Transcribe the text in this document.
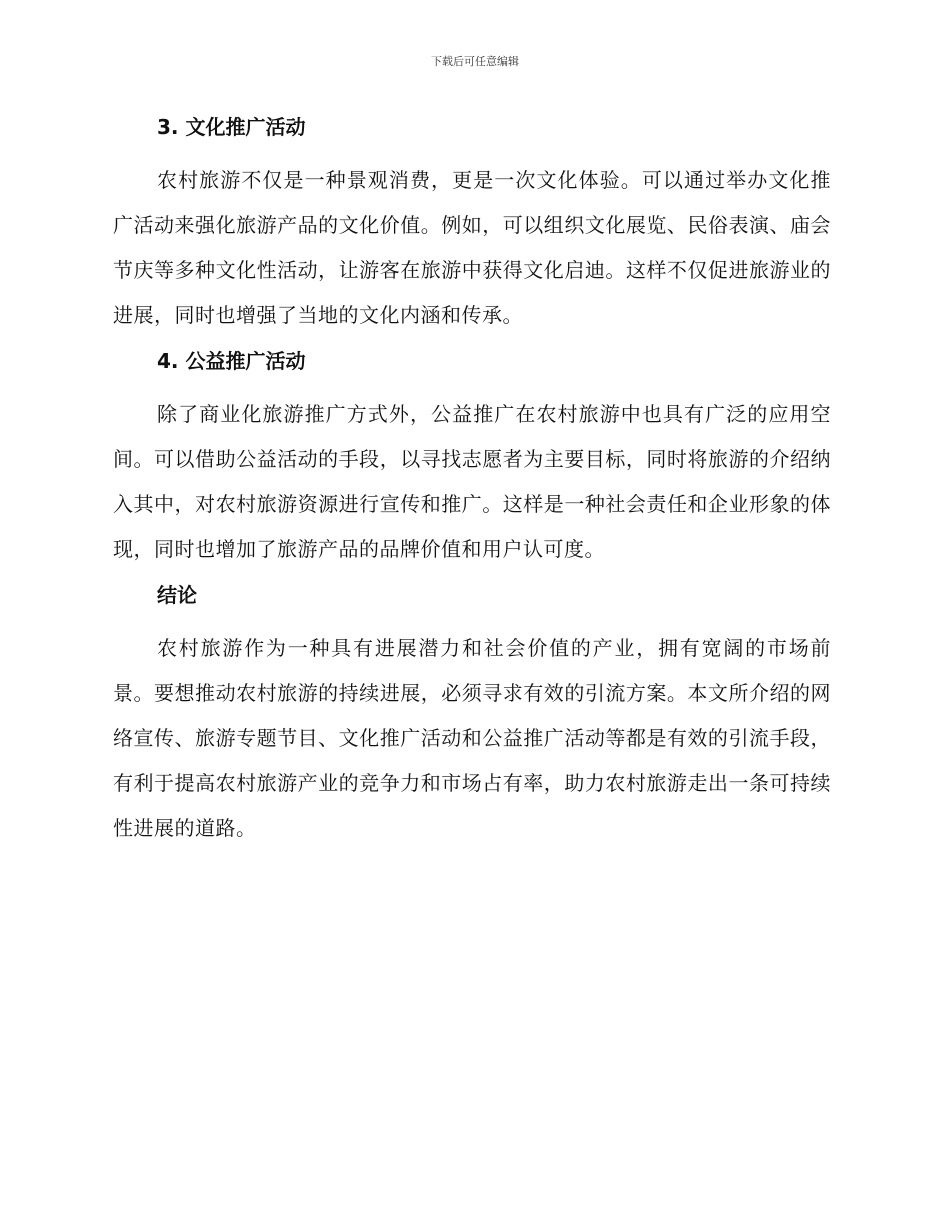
下载后可任意编辑
3. 文化推广活动

农村旅游不仅是一种景观消费，更是一次文化体验。可以通过举办文化推广活动来强化旅游产品的文化价值。例如，可以组织文化展览、民俗表演、庙会节庆等多种文化性活动，让游客在旅游中获得文化启迪。这样不仅促进旅游业的进展，同时也增强了当地的文化内涵和传承。

4. 公益推广活动

除了商业化旅游推广方式外，公益推广在农村旅游中也具有广泛的应用空间。可以借助公益活动的手段，以寻找志愿者为主要目标，同时将旅游的介绍纳入其中，对农村旅游资源进行宣传和推广。这样是一种社会责任和企业形象的体现，同时也增加了旅游产品的品牌价值和用户认可度。

结论

农村旅游作为一种具有进展潜力和社会价值的产业，拥有宽阔的市场前景。要想推动农村旅游的持续进展，必须寻求有效的引流方案。本文所介绍的网络宣传、旅游专题节目、文化推广活动和公益推广活动等都是有效的引流手段，有利于提高农村旅游产业的竞争力和市场占有率，助力农村旅游走出一条可持续性进展的道路。
